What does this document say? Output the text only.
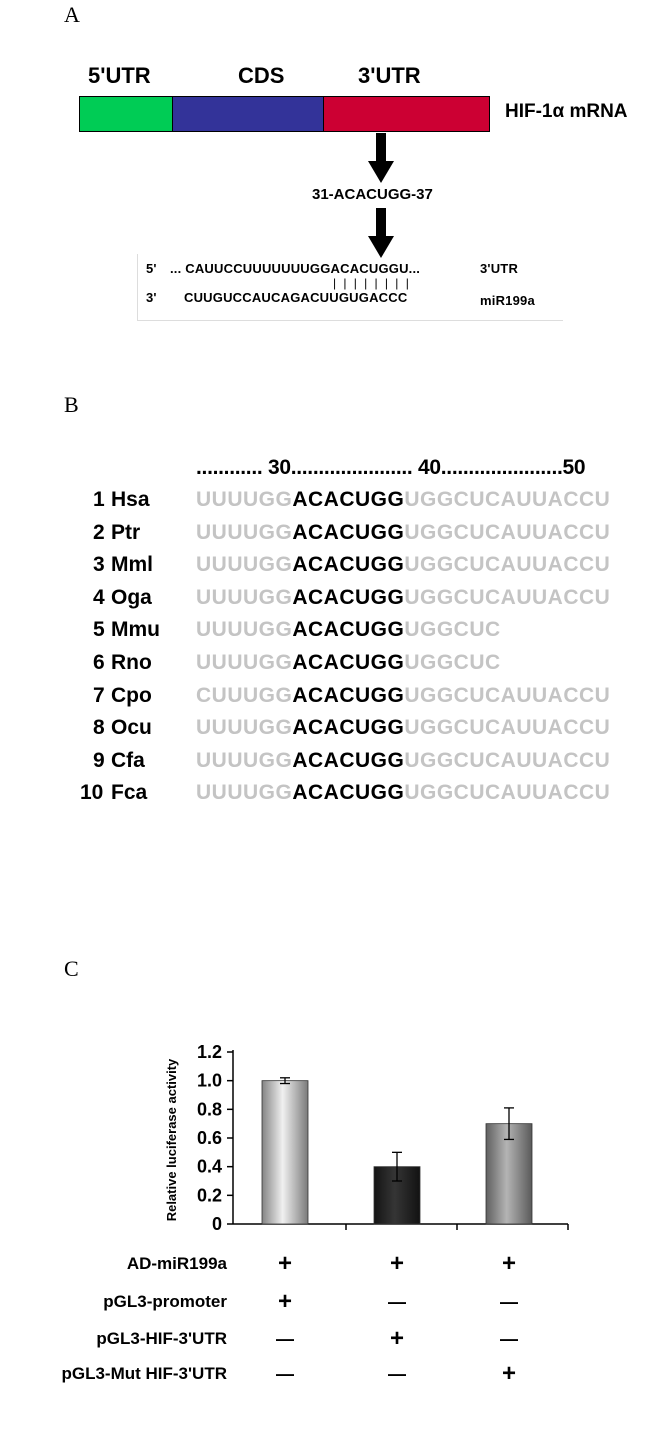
A
5'UTR	CDS	3'UTR
HIF-1α mRNA
31-ACACUGG-37
5' ... CAUUCCUUUUUUUGGACACUGGU...	3'UTR
|  |  |  |  |  |  |  |
3' CUUGUCCAUCAGACUUGUGACCC	miR199a
B
............ 30...................... 40......................50
1 Hsa UUUUGGACACUGGUGGCUCAUUACCU
2 Ptr	UUUUGGACACUGGUGGCUCAUUACCU
3 Mml UUUUGGACACUGGUGGCUCAUUACCU
4 Oga UUUUGGACACUGGUGGCUCAUUACCU
5 Mmu UUUUGGACACUGGUGGCUC
6 Rno UUUUGGACACUGGUGGCUC
7 Cpo CUUUGGACACUGGUGGCUCAUUACCU
8 Ocu UUUUGGACACUGGUGGCUCAUUACCU
9 Cfa UUUUGGACACUGGUGGCUCAUUACCU
10 Fca UUUUGGACACUGGUGGCUCAUUACCU
C
0
0.2
0.4
0.6
0.8
1.0
1.2
Relative luciferase activity
AD-miR199a +	+	+
pGL3-promoter +	—	—
pGL3-HIF-3'UTR	—	+	—
pGL3-Mut HIF-3'UTR	—	—	+
